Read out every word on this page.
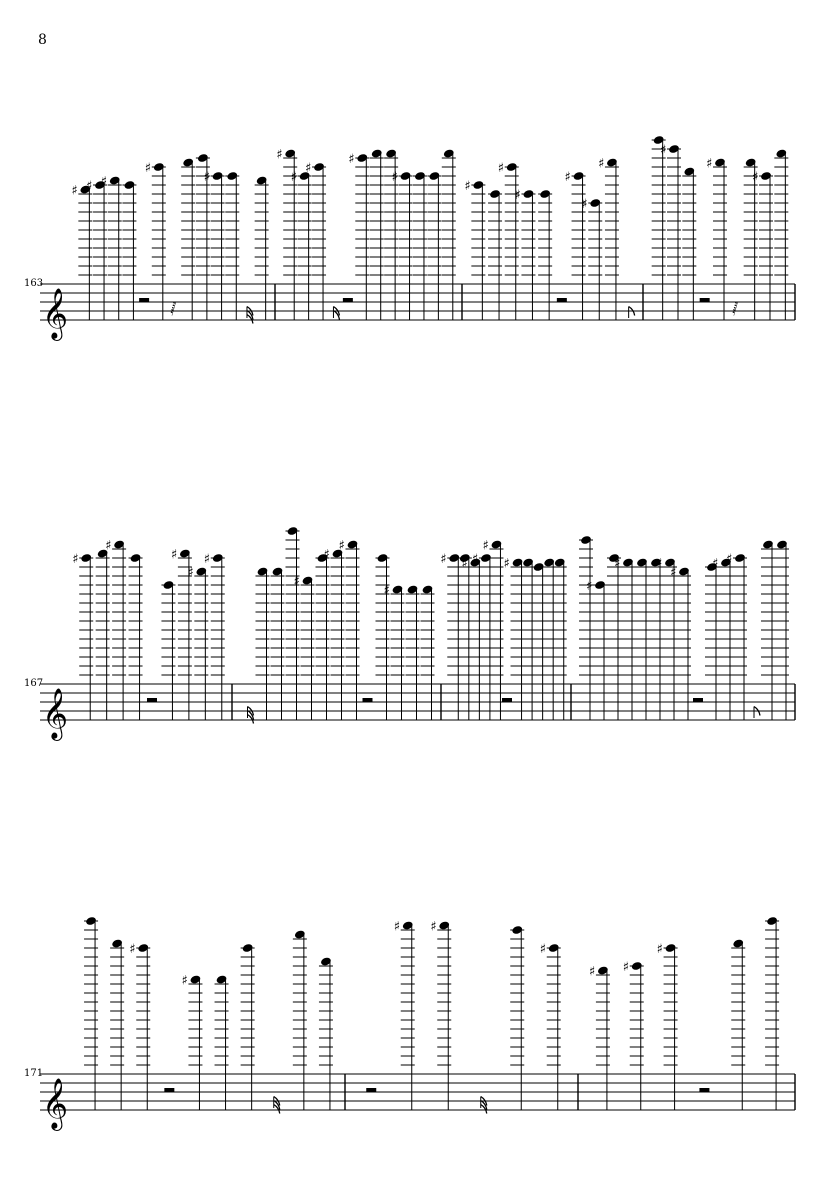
8
163
167
171
𝄞
♯ ♯ ♯
♯
𝅂
♯
♯
♯
♯
♯
♯
♯
♯
♯
♯
♯
♯
♯
♯
𝅂
♯
𝄞
♯
♯
♯
♯
♯
♯
♯
♯
♯
♯ ♯ ♯
♯
♯
♯
♯	♯
♯
♯ ♯
𝄞
♯
♯
♯ ♯
♯
♯ ♯
♯
